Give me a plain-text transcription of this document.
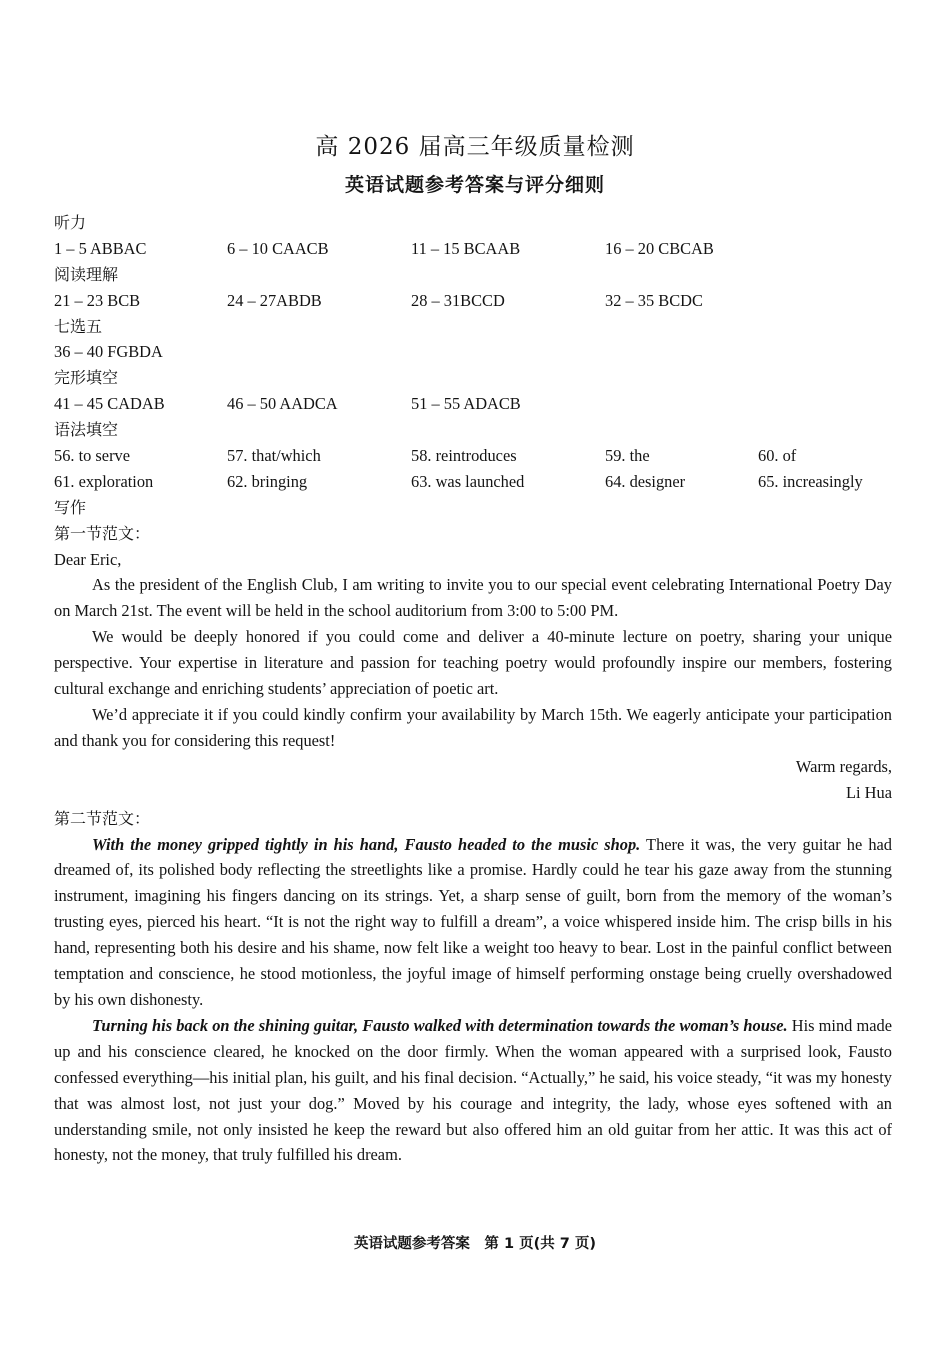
高 2026 届高三年级质量检测
英语试题参考答案与评分细则
听力
1 – 5 ABBAC	6 – 10 CAACB	11 – 15 BCAAB	16 – 20 CBCAB
阅读理解
21 – 23 BCB	24 – 27ABDB	28 – 31BCCD	32 – 35 BCDC
七选五
36 – 40 FGBDA
完形填空
41 – 45 CADAB	46 – 50 AADCA	51 – 55 ADACB
语法填空
56. to serve	57. that/which	58. reintroduces	59. the	60. of
61. exploration	62. bringing	63. was launched	64. designer	65. increasingly
写作
第一节范文：

Dear Eric,

As the president of the English Club, I am writing to invite you to our special event celebrating International Poetry Day on March 21st. The event will be held in the school auditorium from 3:00 to 5:00 PM.

We would be deeply honored if you could come and deliver a 40-minute lecture on poetry, sharing your unique perspective. Your expertise in literature and passion for teaching poetry would profoundly inspire our members, fostering cultural exchange and enriching students’ appreciation of poetic art.

We’d appreciate it if you could kindly confirm your availability by March 15th. We eagerly anticipate your participation and thank you for considering this request!

Warm regards,

Li Hua

第二节范文：

With the money gripped tightly in his hand, Fausto headed to the music shop. There it was, the very guitar he had dreamed of, its polished body reflecting the streetlights like a promise. Hardly could he tear his gaze away from the stunning instrument, imagining his fingers dancing on its strings. Yet, a sharp sense of guilt, born from the memory of the woman’s trusting eyes, pierced his heart. “It is not the right way to fulfill a dream”, a voice whispered inside him. The crisp bills in his hand, representing both his desire and his shame, now felt like a weight too heavy to bear. Lost in the painful conflict between temptation and conscience, he stood motionless, the joyful image of himself performing onstage being cruelly overshadowed by his own dishonesty.

Turning his back on the shining guitar, Fausto walked with determination towards the woman’s house. His mind made up and his conscience cleared, he knocked on the door firmly. When the woman appeared with a surprised look, Fausto confessed everything—his initial plan, his guilt, and his final decision. “Actually,” he said, his voice steady, “it was my honesty that was almost lost, not just your dog.” Moved by his courage and integrity, the lady, whose eyes softened with an understanding smile, not only insisted he keep the reward but also offered him an old guitar from her attic. It was this act of honesty, not the money, that truly fulfilled his dream.

英语试题参考答案　第 1 页(共 7 页)
